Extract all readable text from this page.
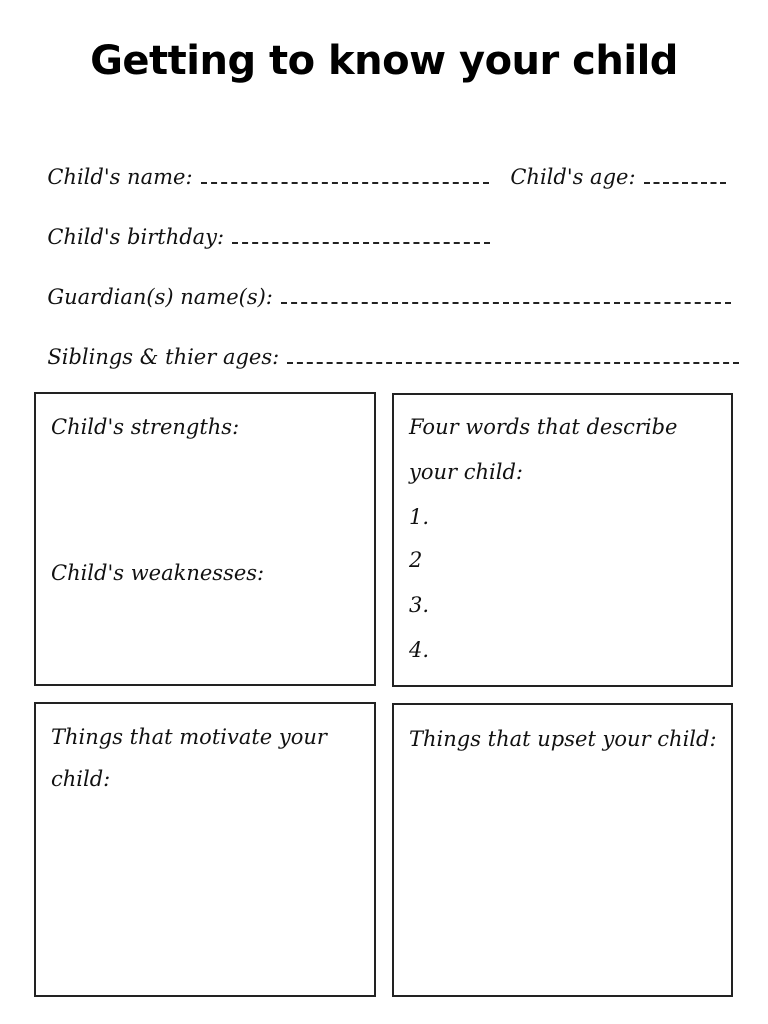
Getting to know your child

Child's name:	Child's age:

Child's birthday:

Guardian(s) name(s):

Siblings & thier ages:

Child's strengths:
Child's weaknesses:
Four words that describe
your child:
1.
2
3.
4.
Things that motivate your
child:
Things that upset your child:
